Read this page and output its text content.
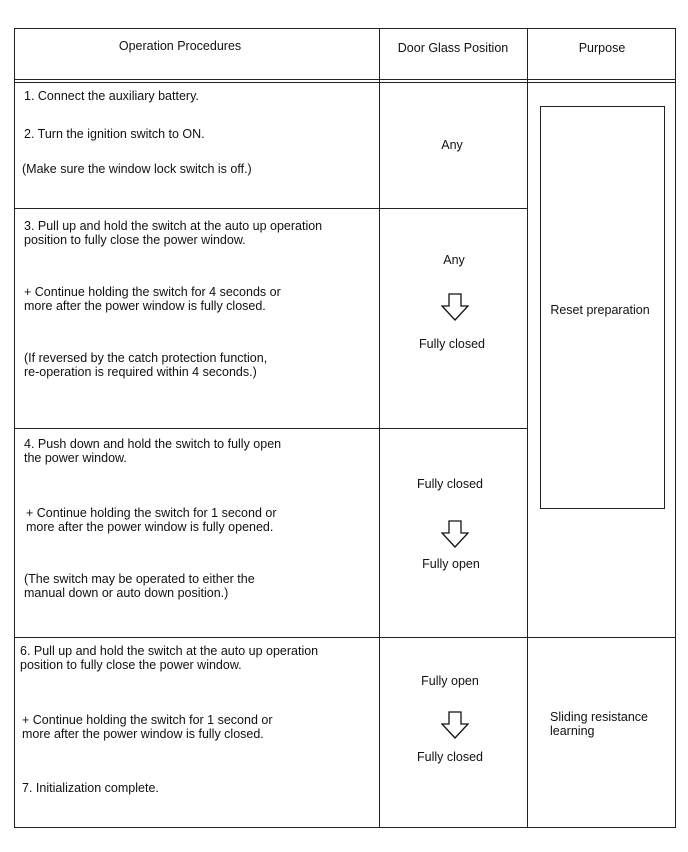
Operation Procedures	Door Glass Position	Purpose
1. Connect the auxiliary battery.
2. Turn the ignition switch to ON.
(Make sure the window lock switch is off.)
Any
3. Pull up and hold the switch at the auto up operation
position to fully close the power window.
+ Continue holding the switch for 4 seconds or
more after the power window is fully closed.
(If reversed by the catch protection function,
re-operation is required within 4 seconds.)
Any
Fully closed
4. Push down and hold the switch to fully open
the power window.
+ Continue holding the switch for 1 second or
more after the power window is fully opened.
(The switch may be operated to either the
manual down or auto down position.)
Fully closed
Fully open
6. Pull up and hold the switch at the auto up operation
position to fully close the power window.
+ Continue holding the switch for 1 second or
more after the power window is fully closed.
7. Initialization complete.
Fully open
Fully closed
Reset preparation
Sliding resistance
learning
